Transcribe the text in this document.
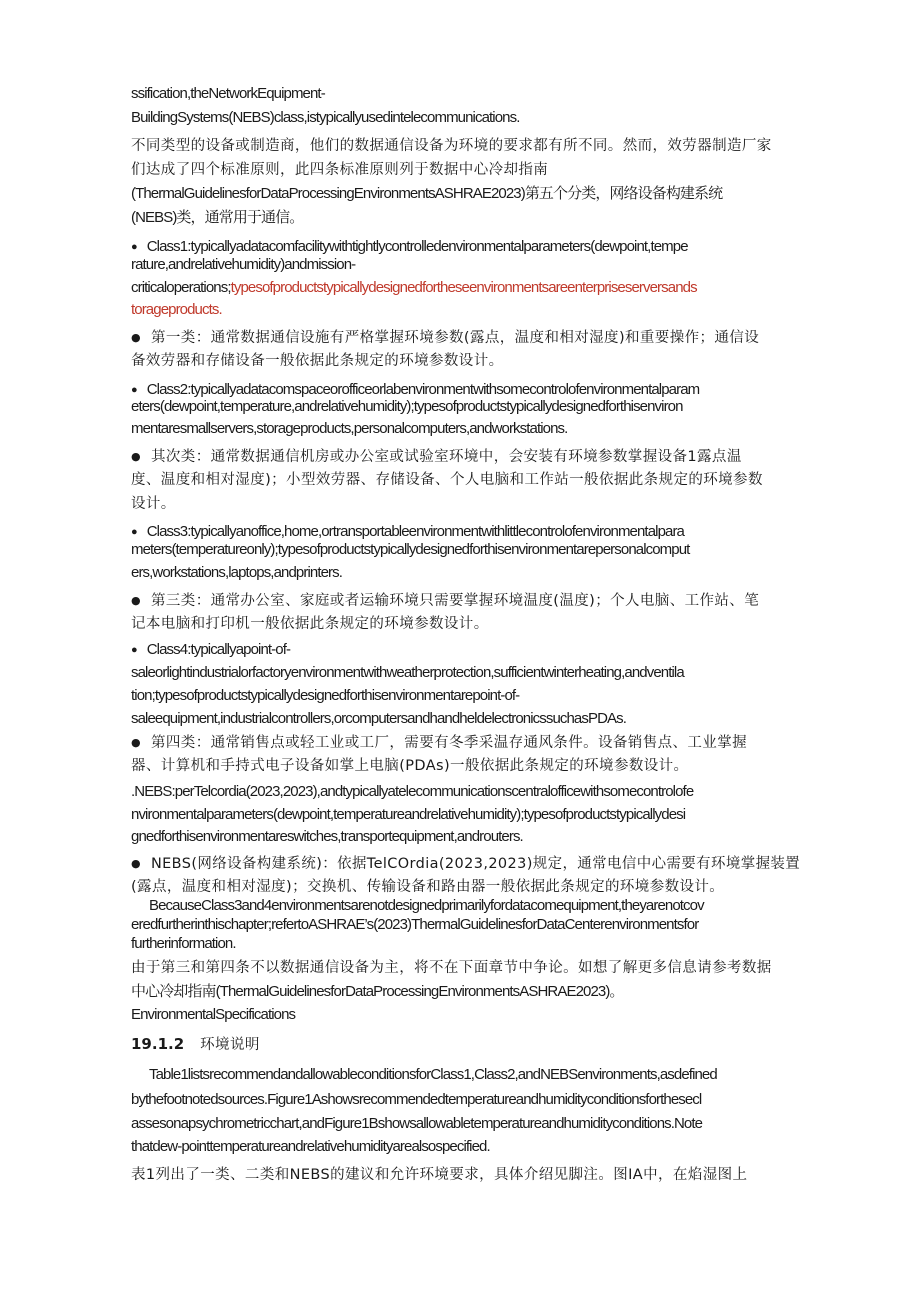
ssification,theNetworkEquipment-
BuildingSystems(NEBS)class,istypicallyusedintelecommunications.
不同类型的设备或制造商，他们的数据通信设备为环境的要求都有所不同。然而，效劳器制造厂家
们达成了四个标准原则，此四条标准原则列于数据中心冷却指南
(ThermalGuidelinesforDataProcessingEnvironmentsASHRAE2023)第五个分类，网络设备构建系统
(NEBS)类，通常用于通信。
● Class1:typicallyadatacomfacilitywithtightlycontrolledenvironmentalparameters(dewpoint,tempe
rature,andrelativehumidity)andmission-
criticaloperations;typesofproductstypicallydesignedfortheseenvironmentsareenterpriseserversands
torageproducts.
● 第一类：通常数据通信设施有严格掌握环境参数(露点，温度和相对湿度)和重要操作；通信设
备效劳器和存储设备一般依据此条规定的环境参数设计。
● Class2:typicallyadatacomspaceorofficeorlabenvironmentwithsomecontrolofenvironmentalparam
eters(dewpoint,temperature,andrelativehumidity);typesofproductstypicallydesignedforthisenviron
mentaresmallservers,storageproducts,personalcomputers,andworkstations.
● 其次类：通常数据通信机房或办公室或试验室环境中，会安装有环境参数掌握设备1露点温
度、温度和相对湿度)；小型效劳器、存储设备、个人电脑和工作站一般依据此条规定的环境参数
设计。
● Class3:typicallyanoffice,home,ortransportableenvironmentwithlittlecontrolofenvironmentalpara
meters(temperatureonly);typesofproductstypicallydesignedforthisenvironmentarepersonalcomput
ers,workstations,laptops,andprinters.
● 第三类：通常办公室、家庭或者运输环境只需要掌握环境温度(温度)；个人电脑、工作站、笔
记本电脑和打印机一般依据此条规定的环境参数设计。
● Class4:typicallyapoint-of-
saleorlightindustrialorfactoryenvironmentwithweatherprotection,sufficientwinterheating,andventila
tion;typesofproductstypicallydesignedforthisenvironmentarepoint-of-
saleequipment,industrialcontrollers,orcomputersandhandheldelectronicssuchasPDAs.
● 第四类：通常销售点或轻工业或工厂，需要有冬季采温存通风条件。设备销售点、工业掌握
器、计算机和手持式电子设备如掌上电脑(PDAs)一般依据此条规定的环境参数设计。
.NEBS:perTelcordia(2023,2023),andtypicallyatelecommunicationscentralofficewithsomecontrolofe
nvironmentalparameters(dewpoint,temperatureandrelativehumidity);typesofproductstypicallydesi
gnedforthisenvironmentareswitches,transportequipment,androuters.
● NEBS(网络设备构建系统)：依据TelCOrdia(2023,2023)规定，通常电信中心需要有环境掌握装置
(露点，温度和相对湿度)；交换机、传输设备和路由器一般依据此条规定的环境参数设计。
BecauseClass3and4environmentsarenotdesignedprimarilyfordatacomequipment,theyarenotcov
eredfurtherinthischapter;refertoASHRAE’s(2023)ThermalGuidelinesforDataCenterenvironmentsfor
furtherinformation.
由于第三和第四条不以数据通信设备为主，将不在下面章节中争论。如想了解更多信息请参考数据
中心冷却指南(ThermalGuidelinesforDataProcessingEnvironmentsASHRAE2023)。
EnvironmentalSpecifications
19.1.2 环境说明
Table1listsrecommendandallowableconditionsforClass1,Class2,andNEBSenvironments,asdefined
bythefootnotedsources.Figure1Ashowsrecommendedtemperatureandhumidityconditionsforthesecl
assesonapsychrometricchart,andFigure1Bshowsallowabletemperatureandhumidityconditions.Note
thatdew-pointtemperatureandrelativehumidityarealsospecified.
表1列出了一类、二类和NEBS的建议和允许环境要求，具体介绍见脚注。图IA中，在焰湿图上
